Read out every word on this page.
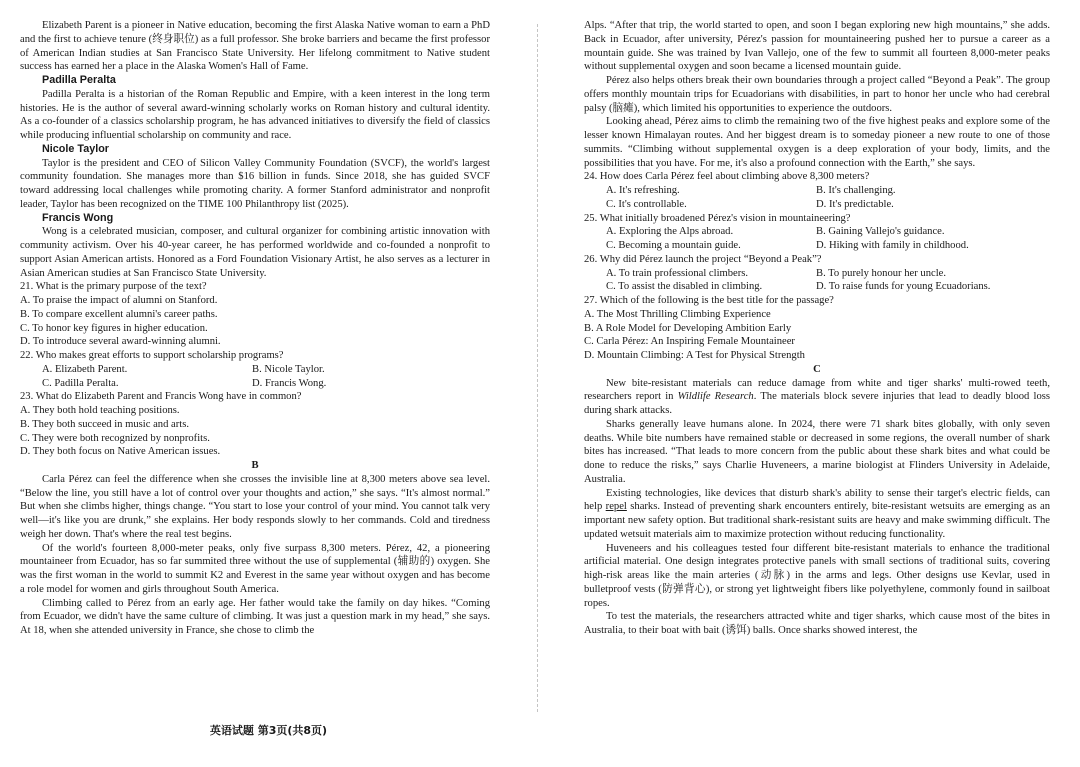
Elizabeth Parent is a pioneer in Native education, becoming the first Alaska Native woman to earn a PhD and the first to achieve tenure (终身职位) as a full professor. She broke barriers and became the first professor of American Indian studies at San Francisco State University. Her lifelong commitment to Native student success has earned her a place in the Alaska Women's Hall of Fame.

Padilla Peralta

Padilla Peralta is a historian of the Roman Republic and Empire, with a keen interest in the long term histories. He is the author of several award-winning scholarly works on Roman history and cultural identity. As a co-founder of a classics scholarship program, he has advanced initiatives to diversify the field of classics while producing influential scholarship on community and race.

Nicole Taylor

Taylor is the president and CEO of Silicon Valley Community Foundation (SVCF), the world's largest community foundation. She manages more than $16 billion in funds. Since 2018, she has guided SVCF toward addressing local challenges while promoting charity. A former Stanford administrator and nonprofit leader, Taylor has been recognized on the TIME 100 Philanthropy list (2025).

Francis Wong

Wong is a celebrated musician, composer, and cultural organizer for combining artistic innovation with community activism. Over his 40-year career, he has performed worldwide and co-founded a nonprofit to support Asian American artists. Honored as a Ford Foundation Visionary Artist, he also serves as a lecturer in Asian American studies at San Francisco State University.

21. What is the primary purpose of the text?

A. To praise the impact of alumni on Stanford.

B. To compare excellent alumni's career paths.

C. To honor key figures in higher education.

D. To introduce several award-winning alumni.

22. Who makes great efforts to support scholarship programs?

A. Elizabeth Parent.	B. Nicole Taylor.
C. Padilla Peralta.	D. Francis Wong.

23. What do Elizabeth Parent and Francis Wong have in common?

A. They both hold teaching positions.

B. They both succeed in music and arts.

C. They were both recognized by nonprofits.

D. They both focus on Native American issues.

B

Carla Pérez can feel the difference when she crosses the invisible line at 8,300 meters above sea level. “Below the line, you still have a lot of control over your thoughts and action,” she says. “It's almost normal.” But when she climbs higher, things change. “You start to lose your control of your mind. You cannot talk very well—it's like you are drunk,” she explains. Her body responds slowly to her commands. Cold and tiredness weigh her down. That's where the real test begins.

Of the world's fourteen 8,000-meter peaks, only five surpass 8,300 meters. Pérez, 42, a pioneering mountaineer from Ecuador, has so far summited three without the use of supplemental (辅助的) oxygen. She was the first woman in the world to summit K2 and Everest in the same year without oxygen and has become a role model for women and girls throughout South America.

Climbing called to Pérez from an early age. Her father would take the family on day hikes. “Coming from Ecuador, we didn't have the same culture of climbing. It was just a question mark in my head,” she says. At 18, when she attended university in France, she chose to climb the

Alps. “After that trip, the world started to open, and soon I began exploring new high mountains,” she adds. Back in Ecuador, after university, Pérez's passion for mountaineering pushed her to pursue a career as a mountain guide. She was trained by Ivan Vallejo, one of the few to summit all fourteen 8,000-meter peaks without supplemental oxygen and soon became a licensed mountain guide.

Pérez also helps others break their own boundaries through a project called “Beyond a Peak”. The group offers monthly mountain trips for Ecuadorians with disabilities, in part to honor her uncle who had cerebral palsy (脑瘫), which limited his opportunities to experience the outdoors.

Looking ahead, Pérez aims to climb the remaining two of the five highest peaks and explore some of the lesser known Himalayan routes. And her biggest dream is to someday pioneer a new route to one of those summits. “Climbing without supplemental oxygen is a deep exploration of your body, limits, and the possibilities that you have. For me, it's also a profound connection with the Earth,” she says.

24. How does Carla Pérez feel about climbing above 8,300 meters?

A. It's refreshing.	B. It's challenging.
C. It's controllable.	D. It's predictable.

25. What initially broadened Pérez's vision in mountaineering?

A. Exploring the Alps abroad.	B. Gaining Vallejo's guidance.
C. Becoming a mountain guide.	D. Hiking with family in childhood.

26. Why did Pérez launch the project “Beyond a Peak”?

A. To train professional climbers.	B. To purely honour her uncle.
C. To assist the disabled in climbing.	D. To raise funds for young Ecuadorians.

27. Which of the following is the best title for the passage?

A. The Most Thrilling Climbing Experience

B. A Role Model for Developing Ambition Early

C. Carla Pérez: An Inspiring Female Mountaineer

D. Mountain Climbing: A Test for Physical Strength

C

New bite-resistant materials can reduce damage from white and tiger sharks' multi-rowed teeth, researchers report in Wildlife Research. The materials block severe injuries that lead to deadly blood loss during shark attacks.

Sharks generally leave humans alone. In 2024, there were 71 shark bites globally, with only seven deaths. While bite numbers have remained stable or decreased in some regions, the overall number of shark bites has increased. “That leads to more concern from the public about these shark bites and what could be done to reduce the risks,” says Charlie Huveneers, a marine biologist at Flinders University in Adelaide, Australia.

Existing technologies, like devices that disturb shark's ability to sense their target's electric fields, can help repel sharks. Instead of preventing shark encounters entirely, bite-resistant wetsuits are emerging as an important new safety option. But traditional shark-resistant suits are heavy and make swimming difficult. The updated wetsuit materials aim to maximize protection without reducing functionality.

Huveneers and his colleagues tested four different bite-resistant materials to enhance the traditional artificial material. One design integrates protective panels with small sections of traditional suits, covering high-risk areas like the main arteries (动脉) in the arms and legs. Other designs use Kevlar, used in bulletproof vests (防弹背心), or strong yet lightweight fibers like polyethylene, commonly found in sailboat ropes.

To test the materials, the researchers attracted white and tiger sharks, which cause most of the bites in Australia, to their boat with bait (诱饵) balls. Once sharks showed interest, the

英语试题 第3页(共8页)
